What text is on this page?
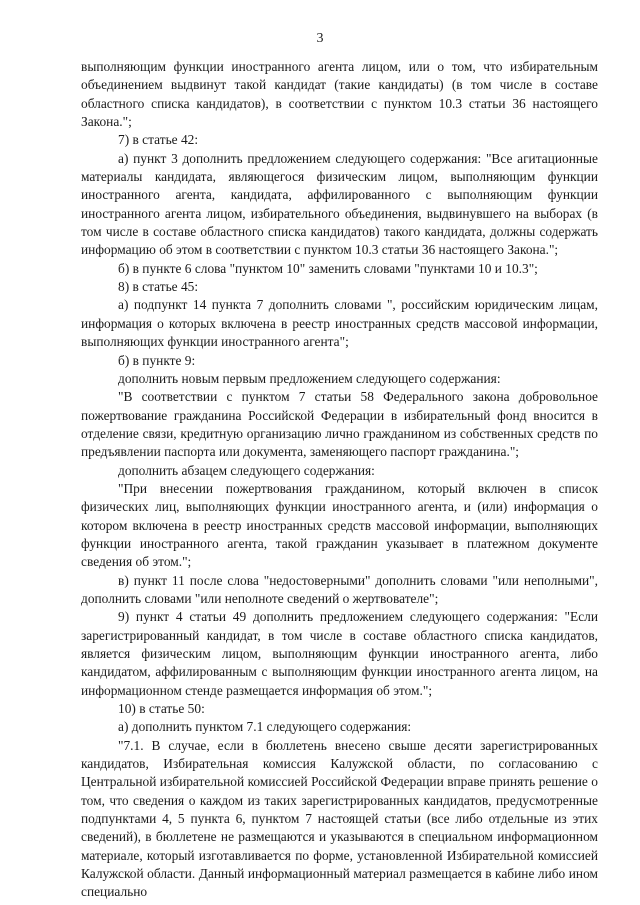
3

выполняющим функции иностранного агента лицом, или о том, что избирательным объединением выдвинут такой кандидат (такие кандидаты) (в том числе в составе областного списка кандидатов), в соответствии с пунктом 10.3 статьи 36 настоящего Закона.";

7) в статье 42:

а) пункт 3 дополнить предложением следующего содержания: "Все агитационные материалы кандидата, являющегося физическим лицом, выполняющим функции иностранного агента, кандидата, аффилированного с выполняющим функции иностранного агента лицом, избирательного объединения, выдвинувшего на выборах (в том числе в составе областного списка кандидатов) такого кандидата, должны содержать информацию об этом в соответствии с пунктом 10.3 статьи 36 настоящего Закона.";

б) в пункте 6 слова "пунктом 10" заменить словами "пунктами 10 и 10.3";

8) в статье 45:

а) подпункт 14 пункта 7 дополнить словами ", российским юридическим лицам, информация о которых включена в реестр иностранных средств массовой информации, выполняющих функции иностранного агента";

б) в пункте 9:

дополнить новым первым предложением следующего содержания:

"В соответствии с пунктом 7 статьи 58 Федерального закона добровольное пожертвование гражданина Российской Федерации в избирательный фонд вносится в отделение связи, кредитную организацию лично гражданином из собственных средств по предъявлении паспорта или документа, заменяющего паспорт гражданина.";

дополнить абзацем следующего содержания:

"При внесении пожертвования гражданином, который включен в список физических лиц, выполняющих функции иностранного агента, и (или) информация о котором включена в реестр иностранных средств массовой информации, выполняющих функции иностранного агента, такой гражданин указывает в платежном документе сведения об этом.";

в) пункт 11 после слова "недостоверными" дополнить словами "или неполными", дополнить словами "или неполноте сведений о жертвователе";

9) пункт 4 статьи 49 дополнить предложением следующего содержания: "Если зарегистрированный кандидат, в том числе в составе областного списка кандидатов, является физическим лицом, выполняющим функции иностранного агента, либо кандидатом, аффилированным с выполняющим функции иностранного агента лицом, на информационном стенде размещается информация об этом.";

10) в статье 50:

а) дополнить пунктом 7.1 следующего содержания:

"7.1. В случае, если в бюллетень внесено свыше десяти зарегистрированных кандидатов, Избирательная комиссия Калужской области, по согласованию с Центральной избирательной комиссией Российской Федерации вправе принять решение о том, что сведения о каждом из таких зарегистрированных кандидатов, предусмотренные подпунктами 4, 5 пункта 6, пунктом 7 настоящей статьи (все либо отдельные из этих сведений), в бюллетене не размещаются и указываются в специальном информационном материале, который изготавливается по форме, установленной Избирательной комиссией Калужской области. Данный информационный материал размещается в кабине либо ином специально
